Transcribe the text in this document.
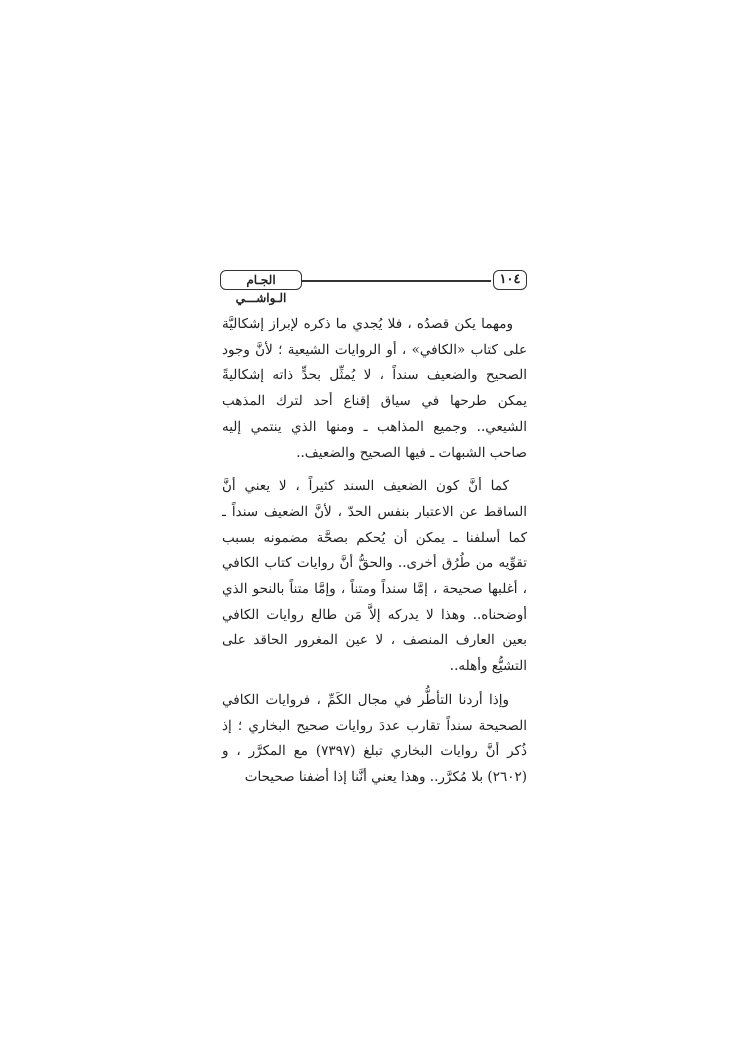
الجـام الـواشـــي
١٠٤

ومهما يكن قصدُه ، فلا يُجدي ما ذكره لإبراز إشكاليَّة على كتاب «الكافي» ، أو الروايات الشيعية ؛ لأنَّ وجود الصحيح والضعيف سنداً ، لا يُمثِّل بحدٍّ ذاته إشكاليةً يمكن طرحها في سياق إقناع أحد لترك المذهب الشيعي.. وجميع المذاهب ـ ومنها الذي ينتمي إليه صاحب الشبهات ـ فيها الصحيح والضعيف..

كما أنَّ كون الضعيف السند كثيراً ، لا يعني أنَّ الساقط عن الاعتبار بنفس الحدّ ، لأنَّ الضعيف سنداً ـ كما أسلفنا ـ يمكن أن يُحكم بصحَّة مضمونه بسبب تقوِّيه من طُرُق أخرى.. والحقُّ أنَّ روايات كتاب الكافي ، أغلبها صحيحة ، إمَّا سنداً ومتناً ، وإمَّا متناً بالنحو الذي أوضحناه.. وهذا لا يدركه إلاَّ مَن طالع روايات الكافي بعين العارف المنصف ، لا عين المغرور الحاقد على التشيُّع وأهله..

وإذا أردنا التأطُّر في مجال الكَمِّ ، فروايات الكافي الصحيحة سنداً تقارب عددَ روايات صحيح البخاري ؛ إذ ذُكر أنَّ روايات البخاري تبلغ (٧٣٩٧) مع المكرَّر ، و (٢٦٠٢) بلا مُكرَّر.. وهذا يعني أنَّنا إذا أضفنا صحيحات
